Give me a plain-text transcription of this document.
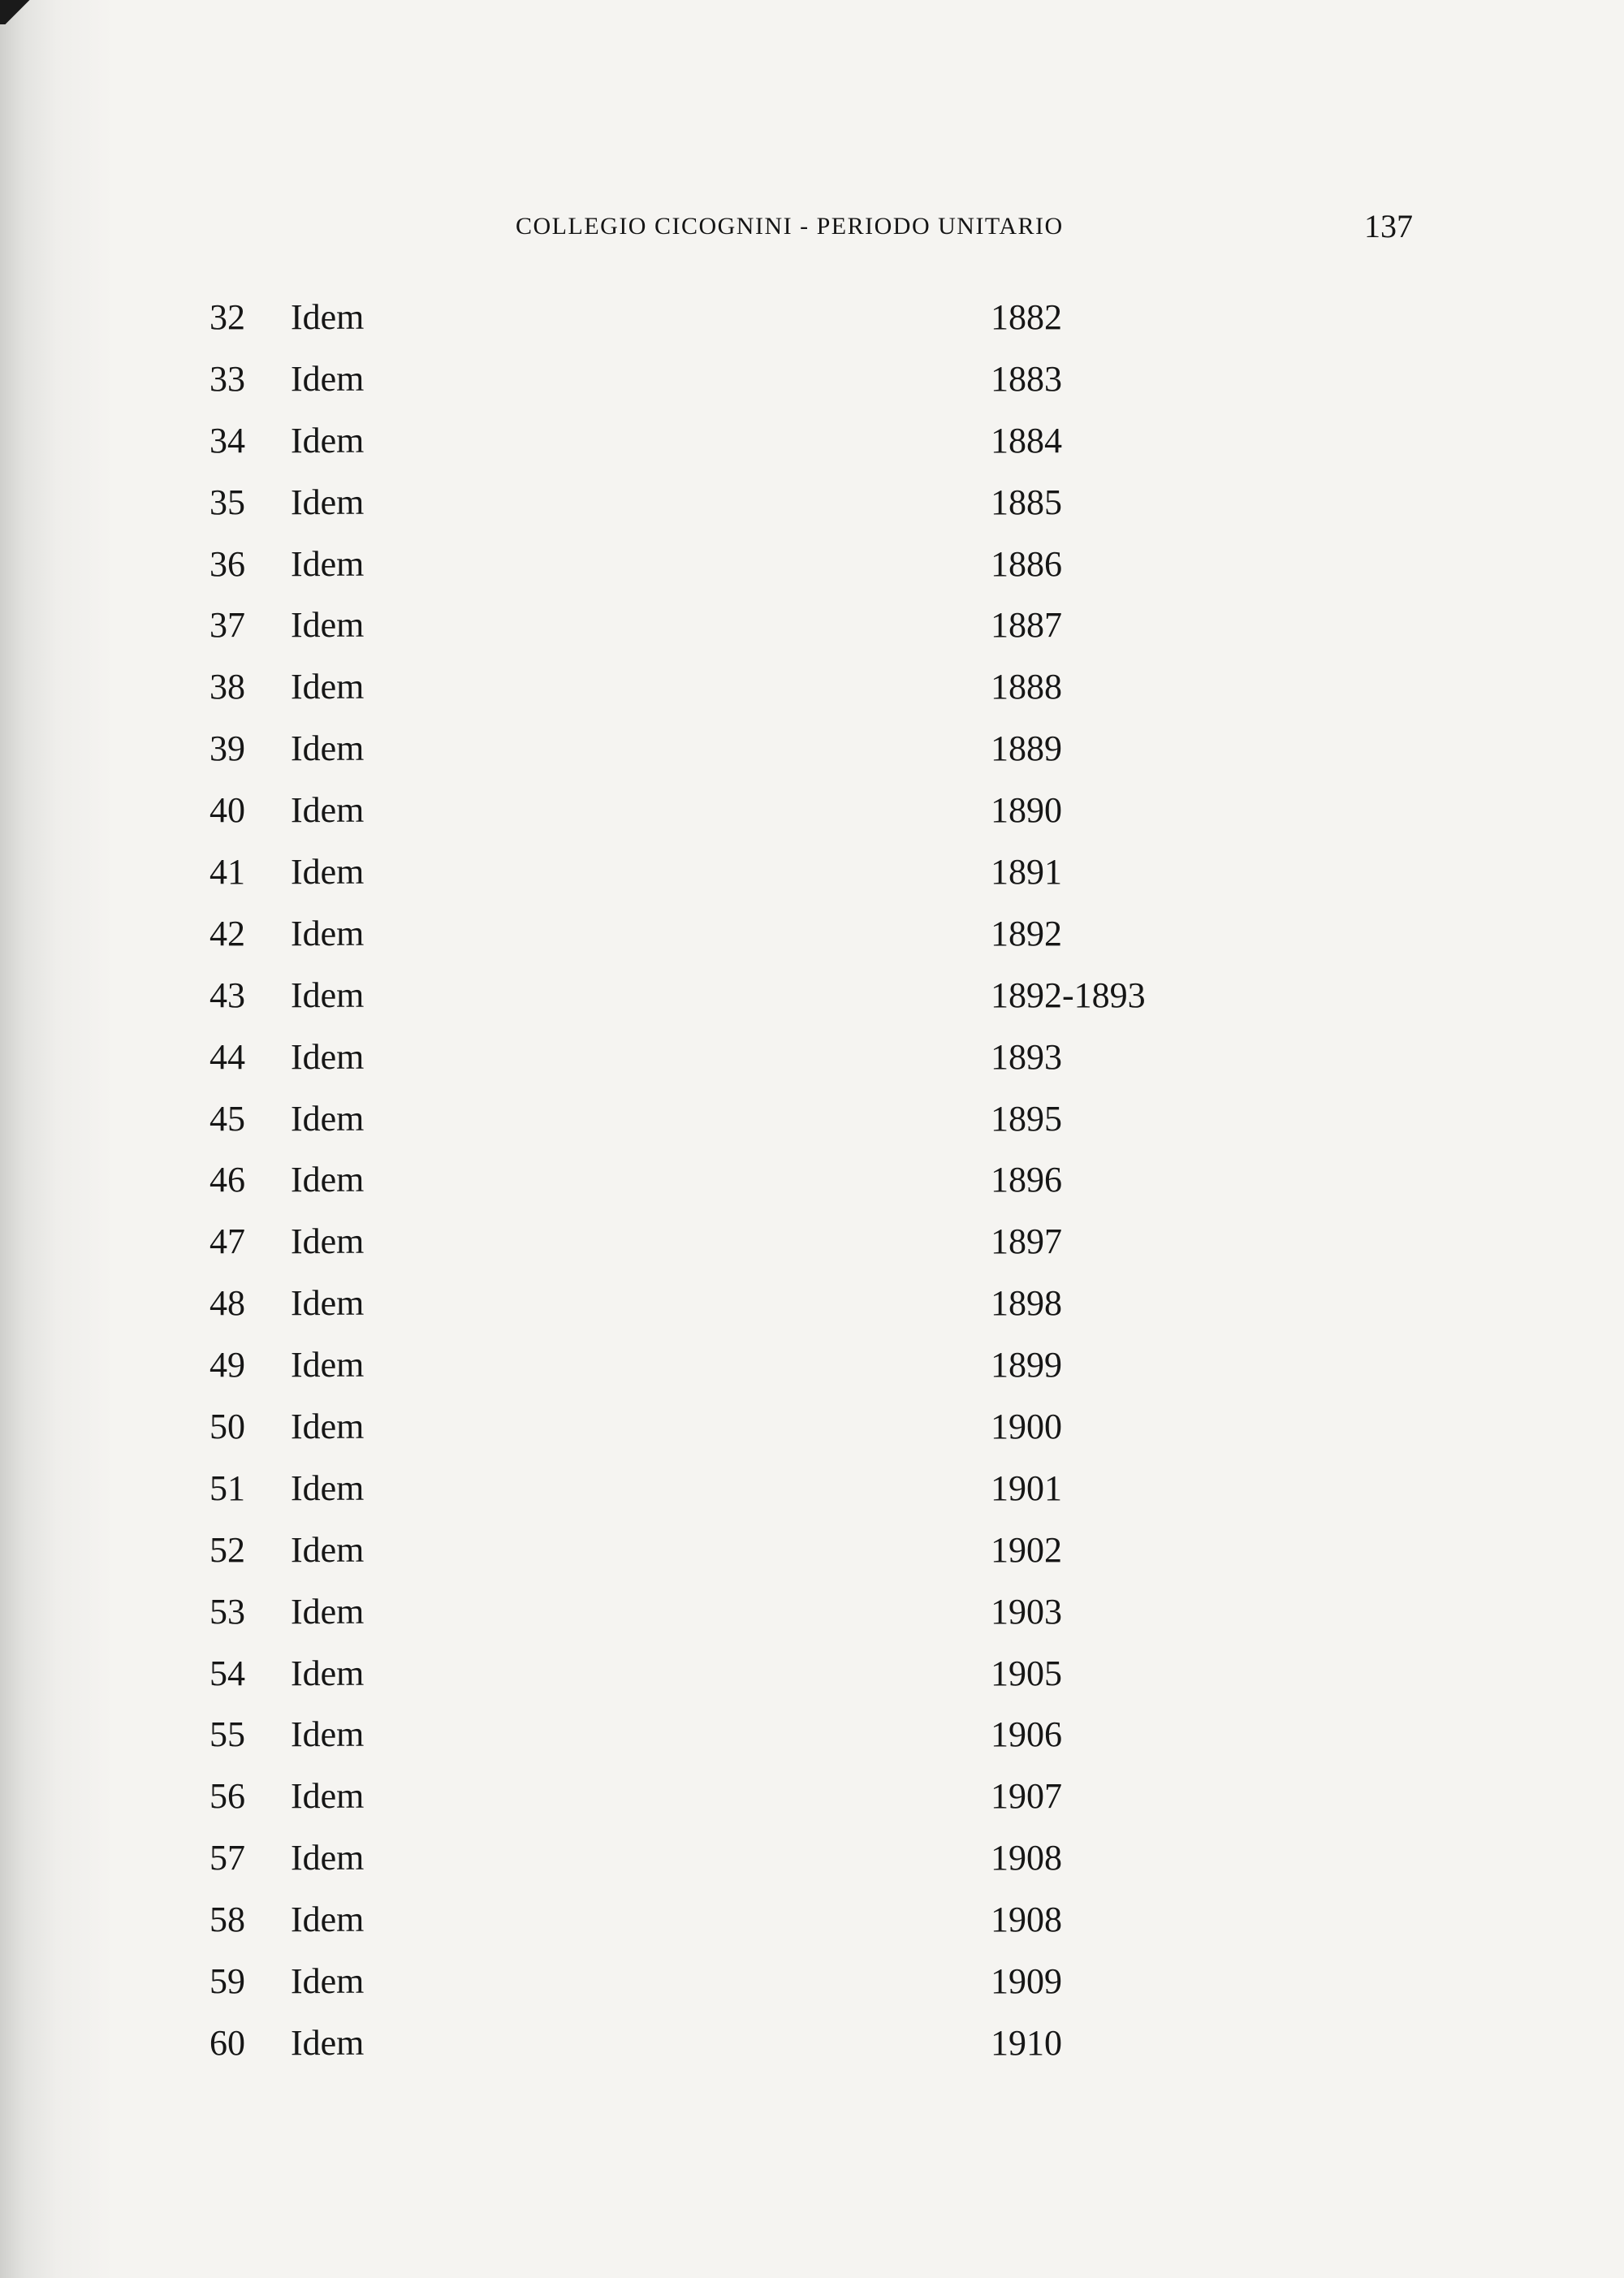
COLLEGIO CICOGNINI - PERIODO UNITARIO	137
32	Idem	1882
33	Idem	1883
34	Idem	1884
35	Idem	1885
36	Idem	1886
37	Idem	1887
38	Idem	1888
39	Idem	1889
40	Idem	1890
41	Idem	1891
42	Idem	1892
43	Idem	1892-1893
44	Idem	1893
45	Idem	1895
46	Idem	1896
47	Idem	1897
48	Idem	1898
49	Idem	1899
50	Idem	1900
51	Idem	1901
52	Idem	1902
53	Idem	1903
54	Idem	1905
55	Idem	1906
56	Idem	1907
57	Idem	1908
58	Idem	1908
59	Idem	1909
60	Idem	1910
